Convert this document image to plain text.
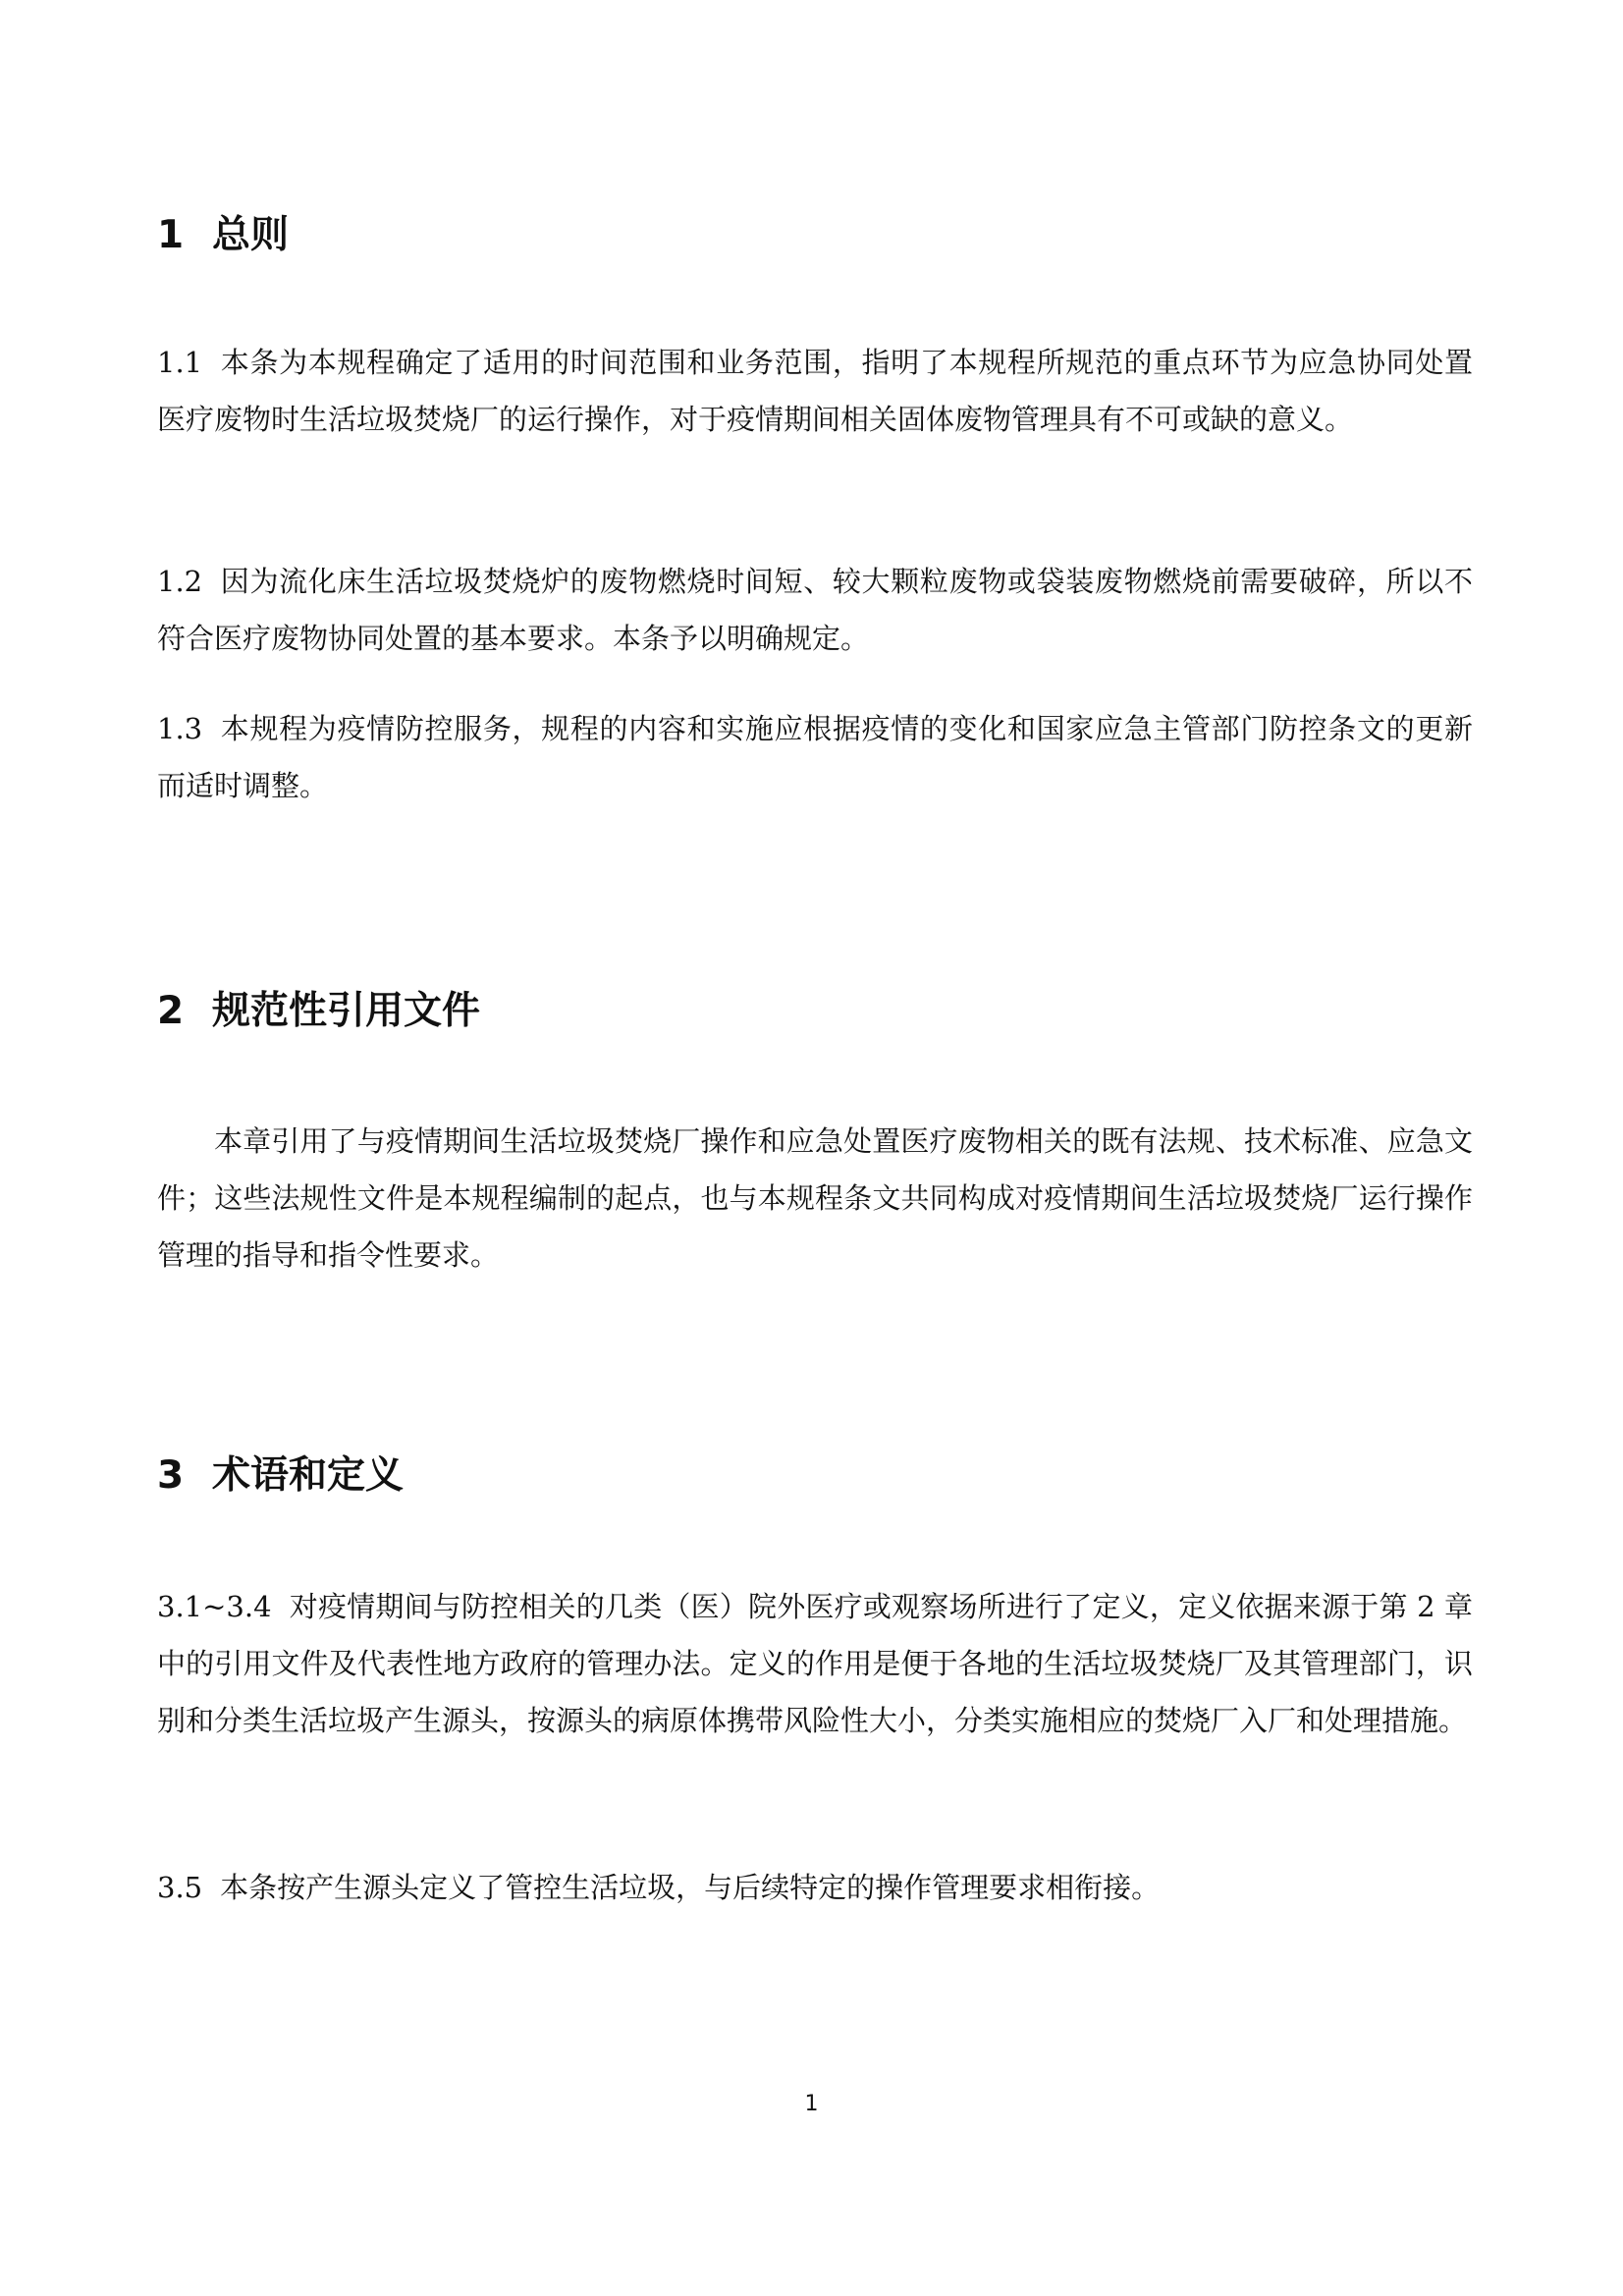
1 总则

1.1 本条为本规程确定了适用的时间范围和业务范围，指明了本规程所规范的重点环节为应急协同处置医疗废物时生活垃圾焚烧厂的运行操作，对于疫情期间相关固体废物管理具有不可或缺的意义。

1.2 因为流化床生活垃圾焚烧炉的废物燃烧时间短、较大颗粒废物或袋装废物燃烧前需要破碎，所以不符合医疗废物协同处置的基本要求。本条予以明确规定。

1.3 本规程为疫情防控服务，规程的内容和实施应根据疫情的变化和国家应急主管部门防控条文的更新而适时调整。

2 规范性引用文件

本章引用了与疫情期间生活垃圾焚烧厂操作和应急处置医疗废物相关的既有法规、技术标准、应急文件；这些法规性文件是本规程编制的起点，也与本规程条文共同构成对疫情期间生活垃圾焚烧厂运行操作管理的指导和指令性要求。

3 术语和定义

3.1~3.4 对疫情期间与防控相关的几类（医）院外医疗或观察场所进行了定义，定义依据来源于第 2 章中的引用文件及代表性地方政府的管理办法。定义的作用是便于各地的生活垃圾焚烧厂及其管理部门，识别和分类生活垃圾产生源头，按源头的病原体携带风险性大小，分类实施相应的焚烧厂入厂和处理措施。

3.5 本条按产生源头定义了管控生活垃圾，与后续特定的操作管理要求相衔接。

1
